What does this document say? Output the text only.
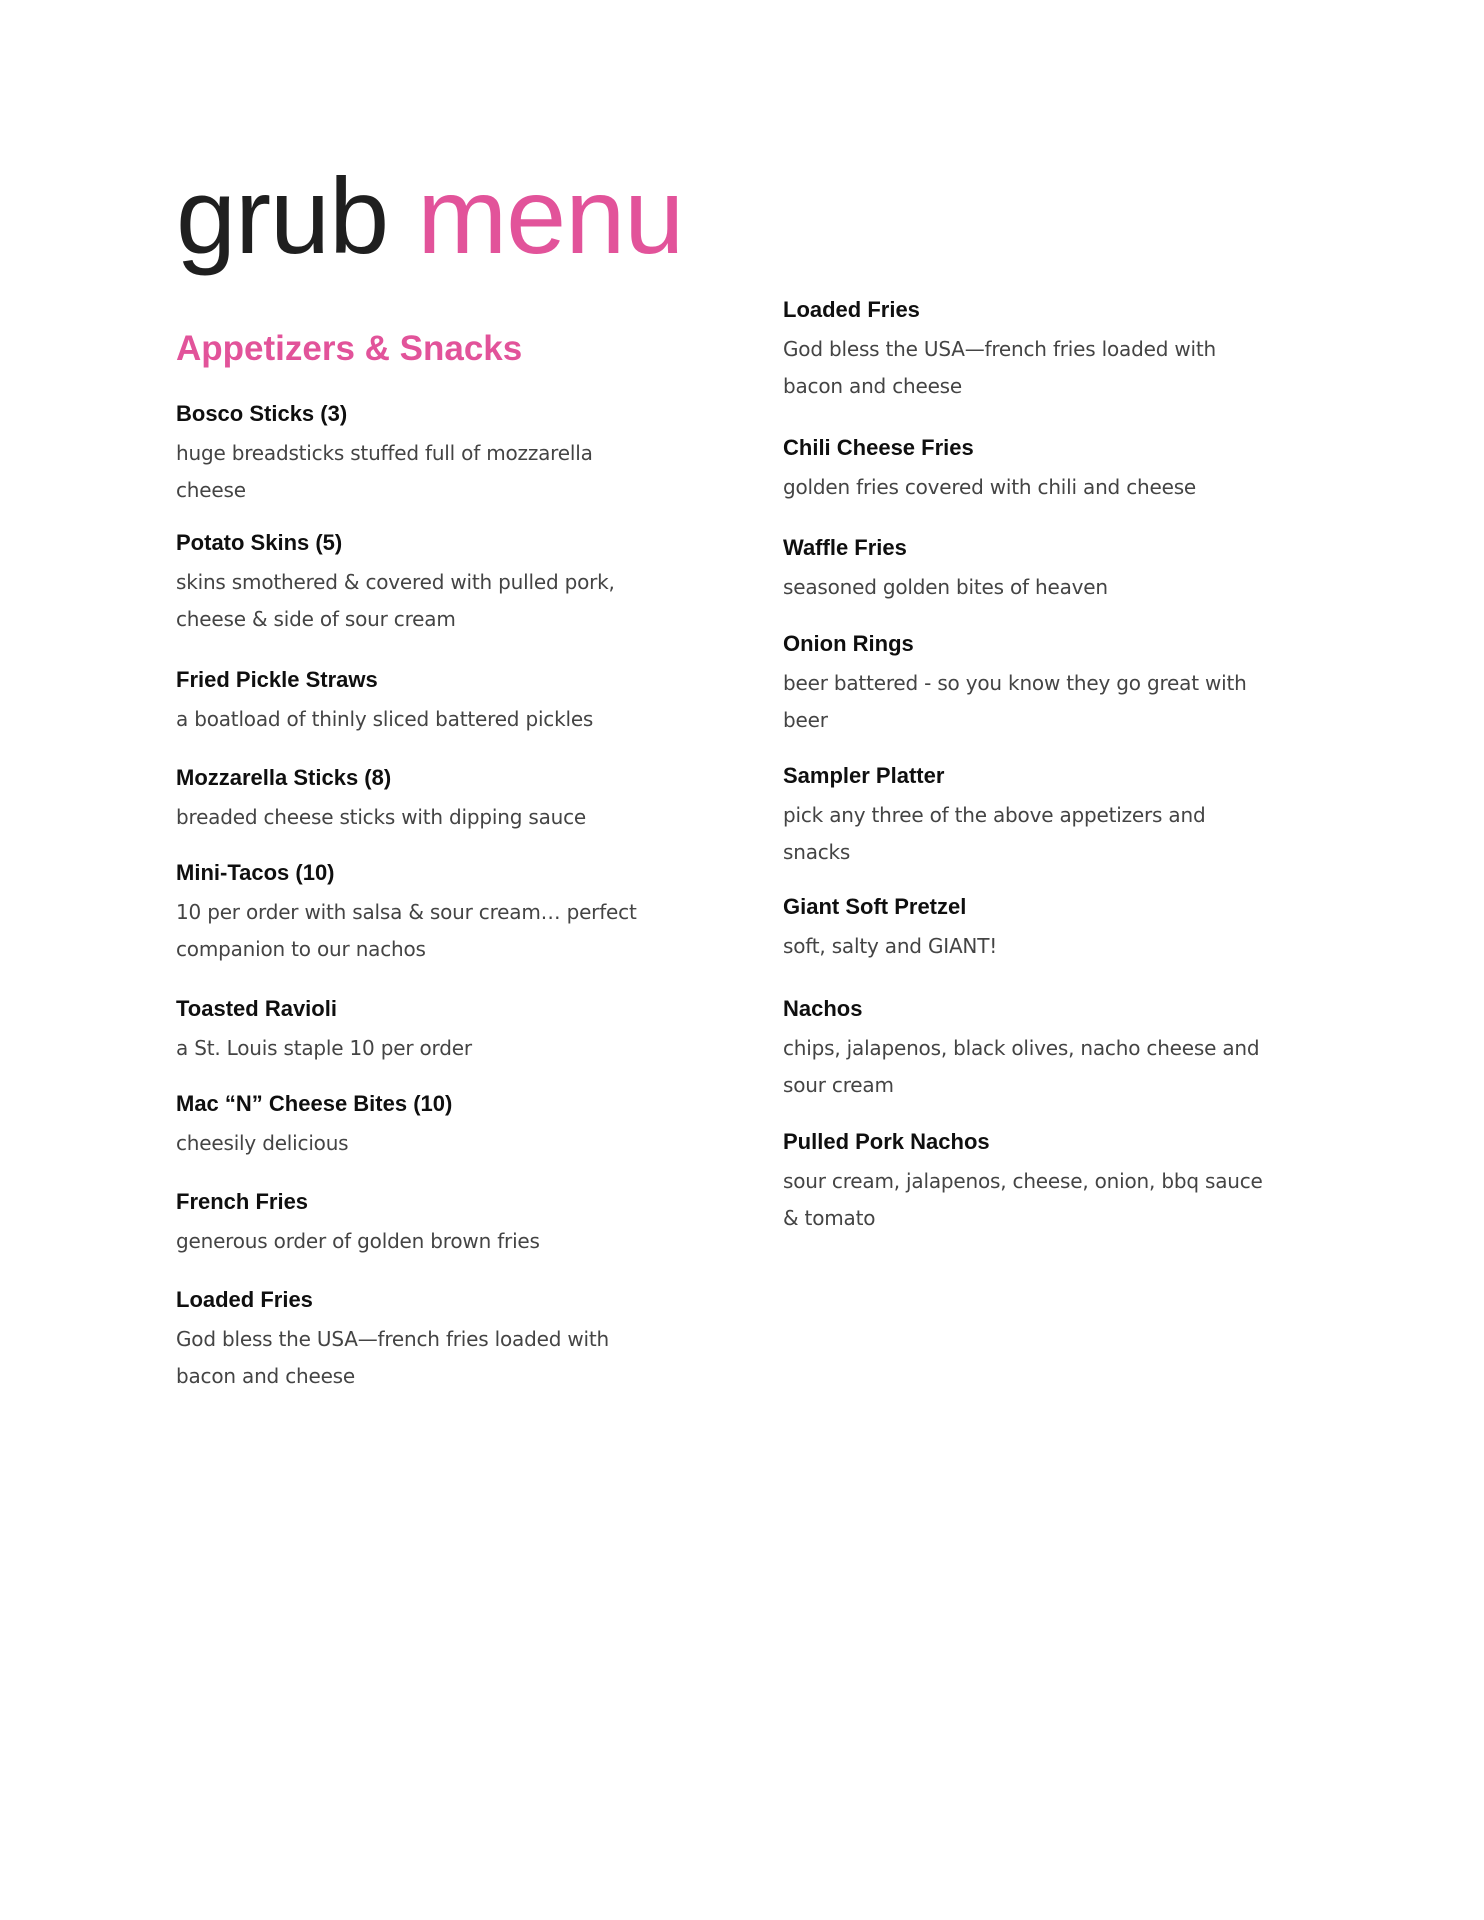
grub menu
Appetizers & Snacks
Bosco Sticks (3)
huge breadsticks stuffed full of mozzarella cheese
Potato Skins (5)
skins smothered & covered with pulled pork, cheese & side of sour cream
Fried Pickle Straws
a boatload of thinly sliced battered pickles
Mozzarella Sticks (8)
breaded cheese sticks with dipping sauce
Mini-Tacos (10)
10 per order with salsa & sour cream… perfect companion to our nachos
Toasted Ravioli
a St. Louis staple 10 per order
Mac “N” Cheese Bites (10)
cheesily delicious
French Fries
generous order of golden brown fries
Loaded Fries
God bless the USA—french fries loaded with bacon and cheese
Loaded Fries
God bless the USA—french fries loaded with bacon and cheese
Chili Cheese Fries
golden fries covered with chili and cheese
Waffle Fries
seasoned golden bites of heaven
Onion Rings
beer battered - so you know they go great with beer
Sampler Platter
pick any three of the above appetizers and snacks
Giant Soft Pretzel
soft, salty and GIANT!
Nachos
chips, jalapenos, black olives, nacho cheese and sour cream
Pulled Pork Nachos
sour cream, jalapenos, cheese, onion, bbq sauce & tomato
